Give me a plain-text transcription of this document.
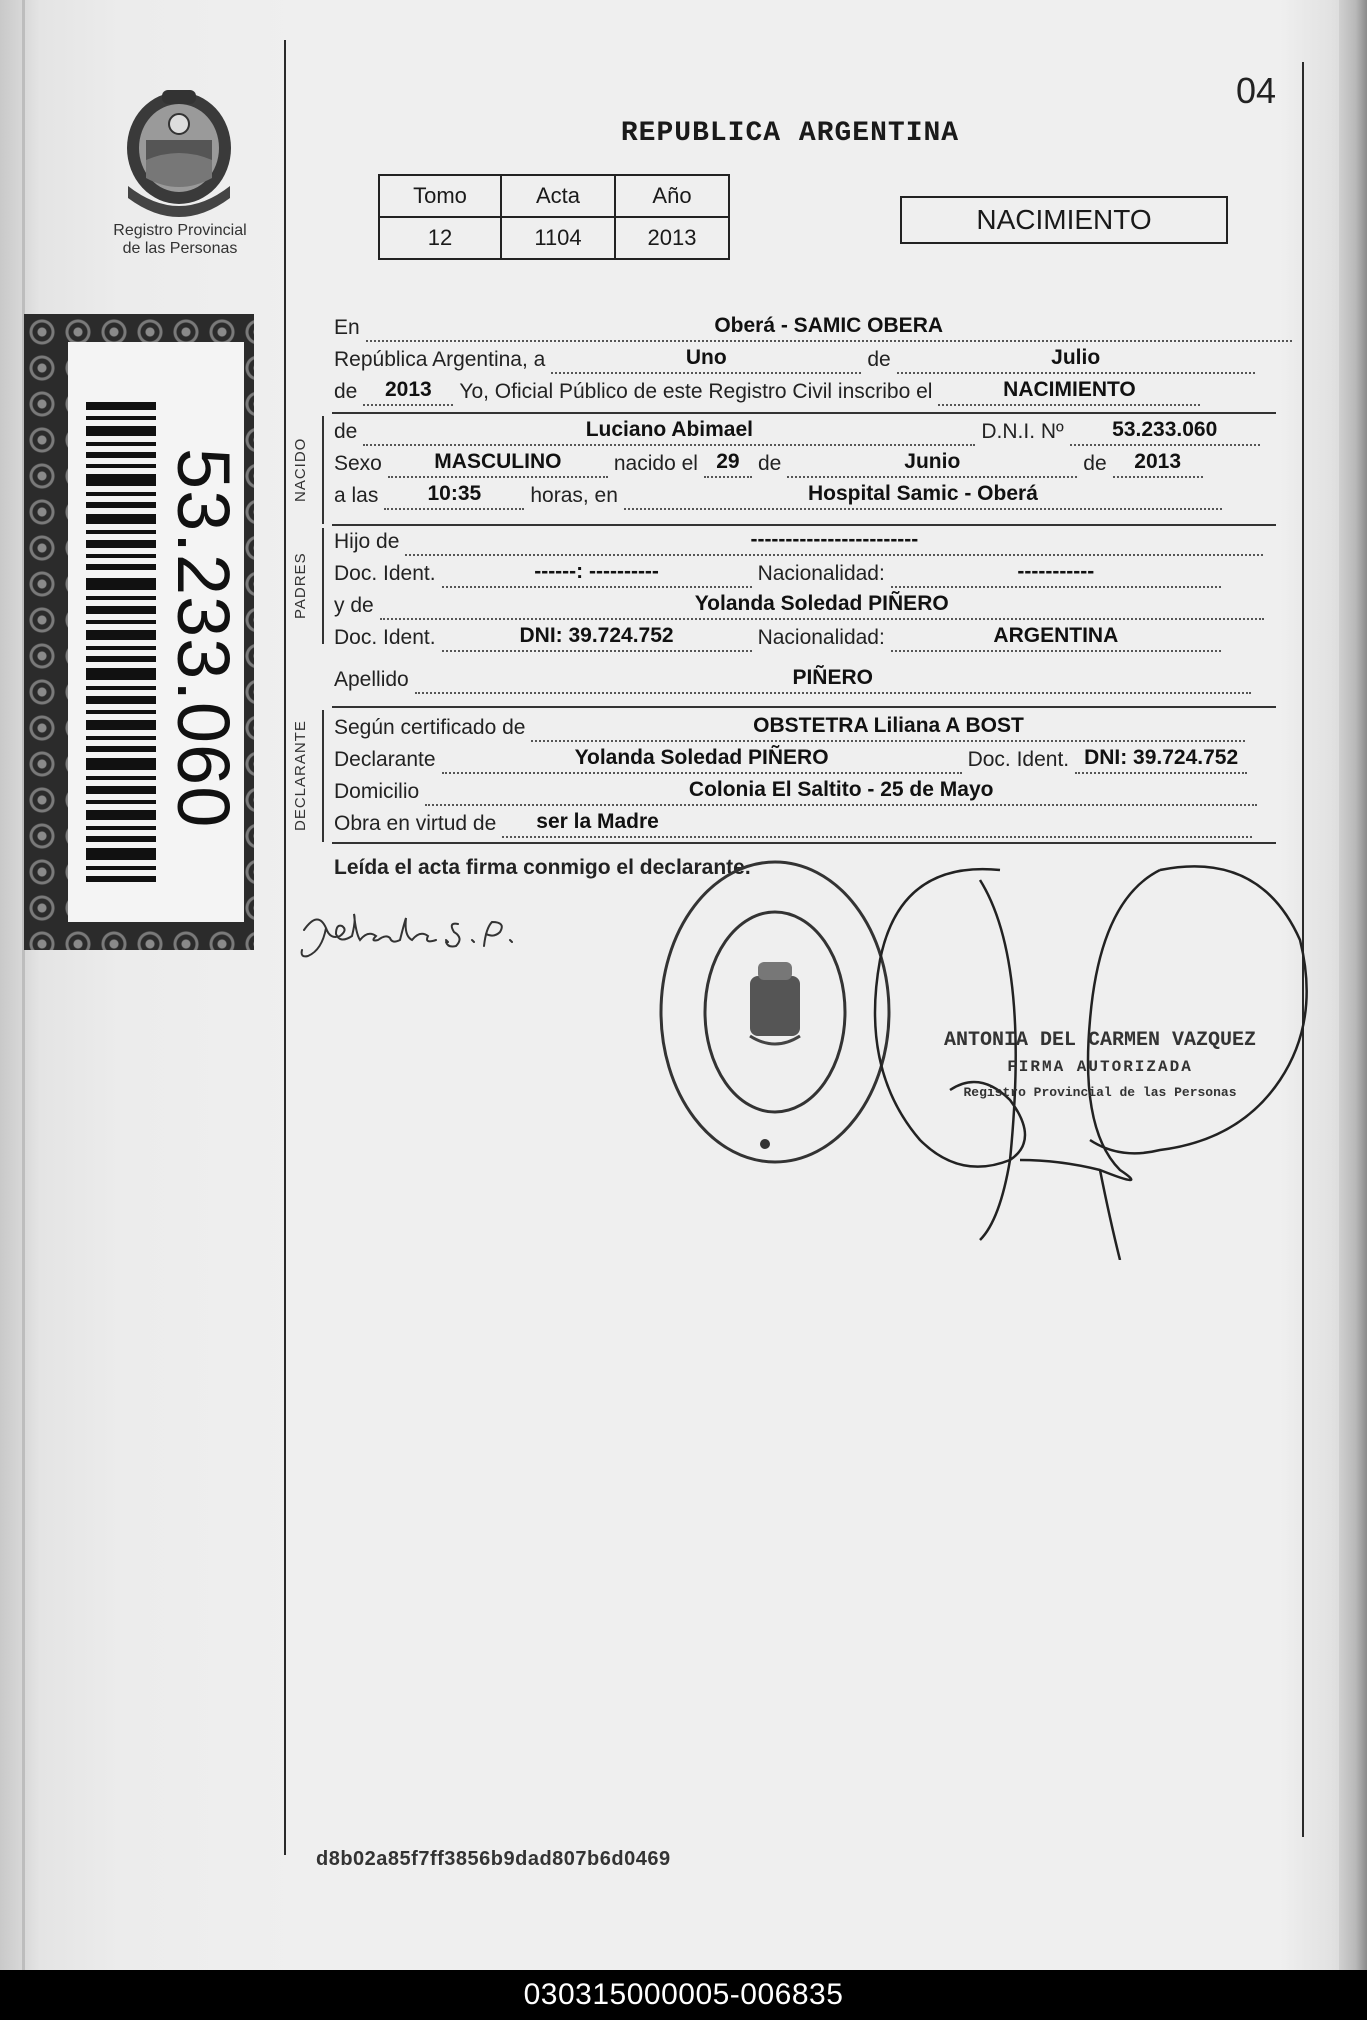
Registro Provincial
de las Personas
53.233.060
04
REPUBLICA ARGENTINA
Tomo	Acta	Año
12	1104	2013
NACIMIENTO
En	Oberá - SAMIC OBERA
República Argentina, a	Uno	de	Julio
de 2013 Yo, Oficial Público de este Registro Civil inscribo el	NACIMIENTO
NACIDO
de	Luciano Abimael	D.N.I. Nº 53.233.060
Sexo MASCULINO nacido el 29 de	Junio	de 2013
a las 10:35 horas, en	Hospital Samic - Oberá
PADRES
Hijo de	------------------------
Doc. Ident.	------: ----------	Nacionalidad:	-----------
y de	Yolanda Soledad PIÑERO
Doc. Ident.	DNI: 39.724.752	Nacionalidad:	ARGENTINA
Apellido	PIÑERO
DECLARANTE Según certificado de	OBSTETRA Liliana A BOST
Declarante	Yolanda Soledad PIÑERO	Doc. Ident. DNI: 39.724.752
Domicilio	Colonia El Saltito - 25 de Mayo
Obra en virtud de	ser la Madre
Leída el acta firma conmigo el declarante.
ANTONIA DEL CARMEN VAZQUEZ
FIRMA AUTORIZADA
Registro Provincial de las Personas
d8b02a85f7ff3856b9dad807b6d0469
030315000005-006835
